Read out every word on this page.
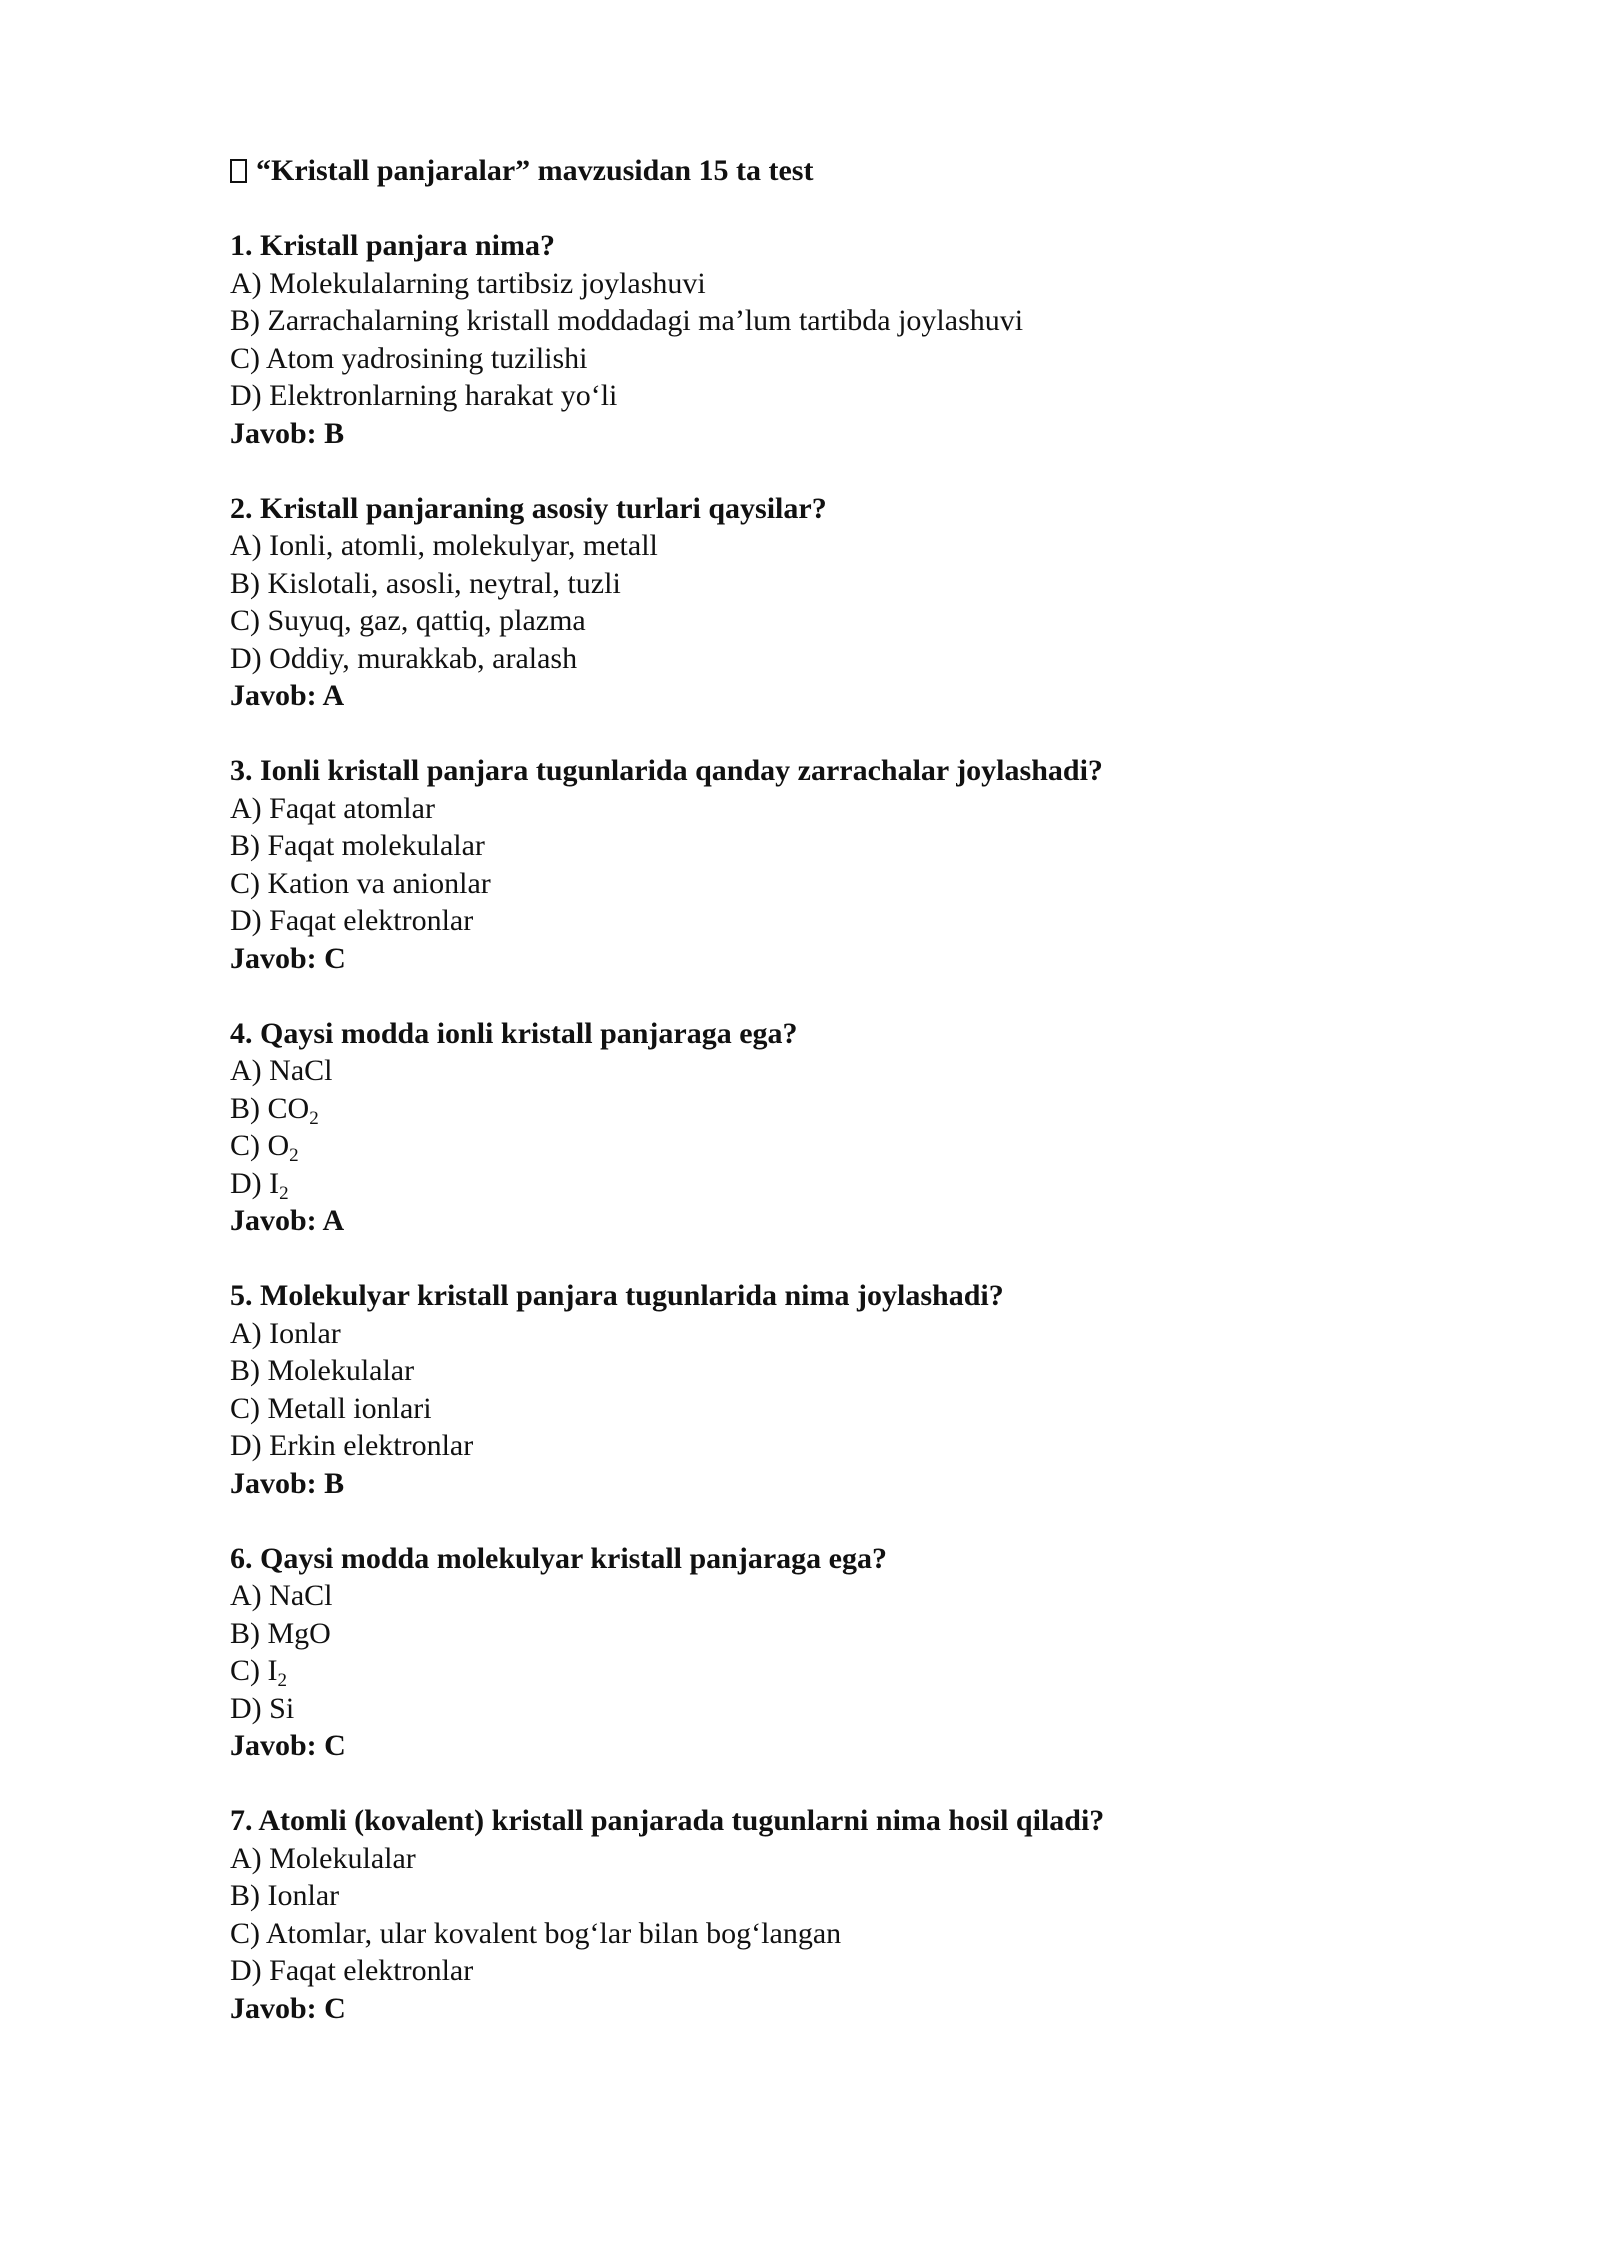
“Kristall panjaralar” mavzusidan 15 ta test

1. Kristall panjara nima?
A) Molekulalarning tartibsiz joylashuvi
B) Zarrachalarning kristall moddadagi ma’lum tartibda joylashuvi
C) Atom yadrosining tuzilishi
D) Elektronlarning harakat yo‘li
Javob: B
2. Kristall panjaraning asosiy turlari qaysilar?
A) Ionli, atomli, molekulyar, metall
B) Kislotali, asosli, neytral, tuzli
C) Suyuq, gaz, qattiq, plazma
D) Oddiy, murakkab, aralash
Javob: A
3. Ionli kristall panjara tugunlarida qanday zarrachalar joylashadi?
A) Faqat atomlar
B) Faqat molekulalar
C) Kation va anionlar
D) Faqat elektronlar
Javob: C
4. Qaysi modda ionli kristall panjaraga ega?
A) NaCl
B) $CO_2$
C) $O_2$
D) $I_2$
Javob: A
5. Molekulyar kristall panjara tugunlarida nima joylashadi?
A) Ionlar
B) Molekulalar
C) Metall ionlari
D) Erkin elektronlar
Javob: B
6. Qaysi modda molekulyar kristall panjaraga ega?
A) NaCl
B) MgO
C) $I_2$
D) Si
Javob: C
7. Atomli (kovalent) kristall panjarada tugunlarni nima hosil qiladi?
A) Molekulalar
B) Ionlar
C) Atomlar, ular kovalent bog‘lar bilan bog‘langan
D) Faqat elektronlar
Javob: C
